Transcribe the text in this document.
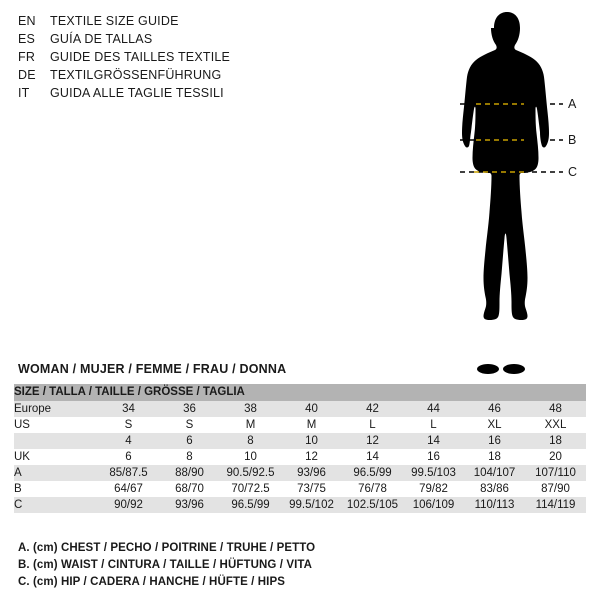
EN	TEXTILE SIZE GUIDE
ES	GUÍA DE TALLAS
FR	GUIDE DES TAILLES TEXTILE
DE	TEXTILGRÖSSENFÜHRUNG
IT	GUIDA ALLE TAGLIE TESSILI
A
B
C
WOMAN / MUJER / FEMME / FRAU / DONNA
SIZE / TALLA / TAILLE / GRÖSSE / TAGLIA								
Europe	34	36	38	40	42	44	46	48
US	S	S	M	M	L	L	XL	XXL
	4	6	8	10	12	14	16	18
UK	6	8	10	12	14	16	18	20
A	85/87.5	88/90	90.5/92.5	93/96	96.5/99	99.5/103	104/107	107/110
B	64/67	68/70	70/72.5	73/75	76/78	79/82	83/86	87/90
C	90/92	93/96	96.5/99	99.5/102	102.5/105	106/109	110/113	114/119
A. (cm) CHEST / PECHO / POITRINE / TRUHE / PETTO
B. (cm) WAIST / CINTURA / TAILLE / HÜFTUNG / VITA
C. (cm) HIP / CADERA / HANCHE / HÜFTE / HIPS
